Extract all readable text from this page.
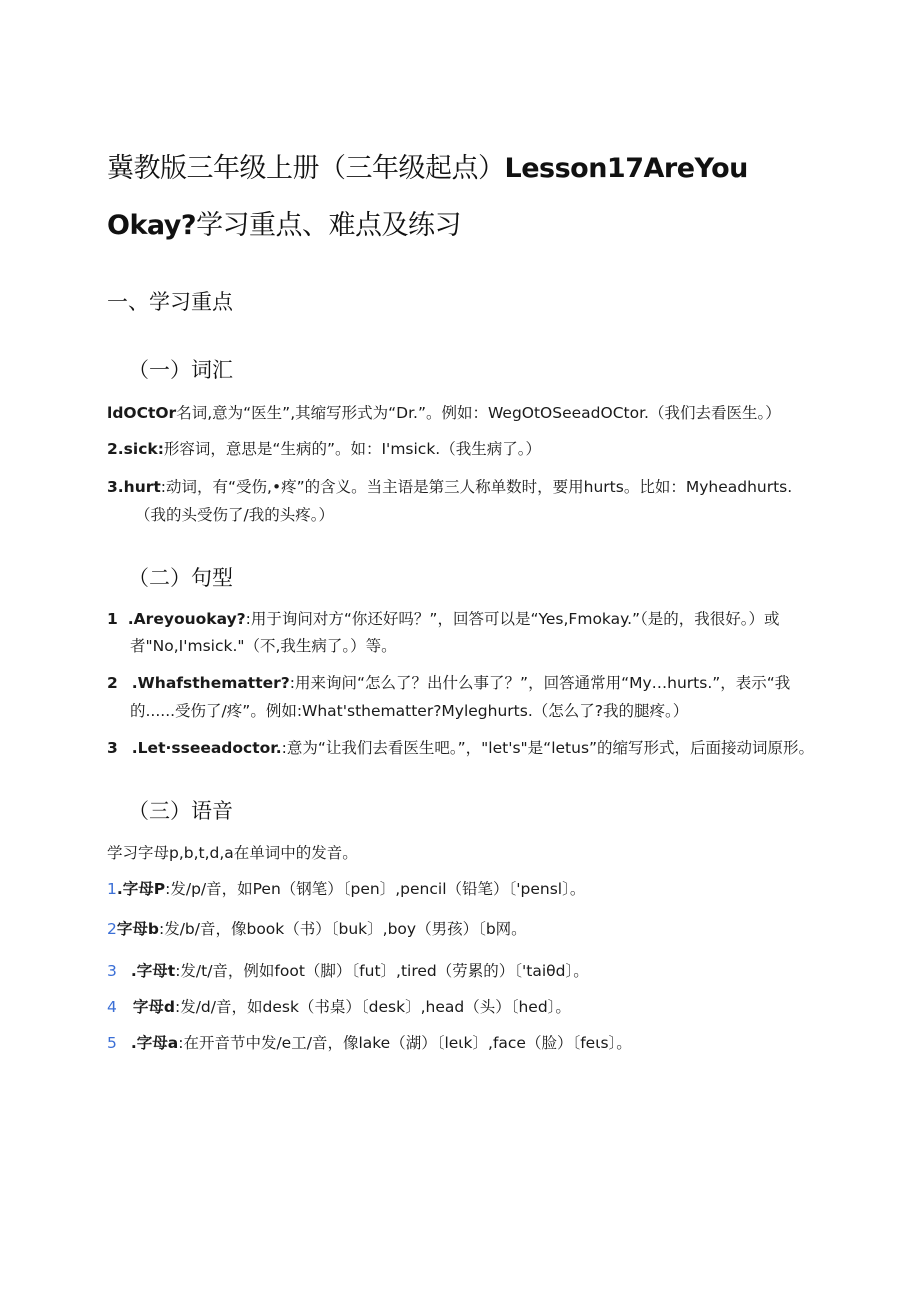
冀教版三年级上册（三年级起点）Lesson17AreYou
Okay?学习重点、难点及练习
一、学习重点
（一）词汇
ldOCtOr名词,意为“医生”,其缩写形式为“Dr.”。例如：WegOtOSeeadOCtor.（我们去看医生。）
2.sick:形容词，意思是“生病的”。如：I'msick.（我生病了。）
3.hurt:动词，有“受伤,•疼”的含义。当主语是第三人称单数时，要用hurts。比如：Myheadhurts.
（我的头受伤了/我的头疼。）
（二）句型
1 .Areyouokay?:用于询问对方“你还好吗？”，回答可以是“Yes,Fmokay.”（是的，我很好。）或
者"No,I'msick."（不,我生病了。）等。
2 .Whafsthematter?:用来询问“怎么了？出什么事了？”，回答通常用“My…hurts.”，表示“我
的......受伤了/疼”。例如:What'sthematter?Myleghurts.（怎么了?我的腿疼。）
3 .Let·sseeadoctor.:意为“让我们去看医生吧。”，"let's"是“letus”的缩写形式，后面接动词原形。
（三）语音
学习字母p,b,t,d,a在单词中的发音。
1.字母P:发/p/音，如Pen（钢笔）〔pen〕,pencil（铅笔）〔'pensl〕。
2字母b:发/b/音，像book（书）〔buk〕,boy（男孩）〔b网。
3 .字母t:发/t/音，例如foot（脚）〔fut〕,tired（劳累的）〔'taiθd〕。
4 字母d:发/d/音，如desk（书桌）〔desk〕,head（头）〔hed〕。
5 .字母a:在开音节中发/e工/音，像lake（湖）〔leιk〕,face（脸）〔feιs〕。
